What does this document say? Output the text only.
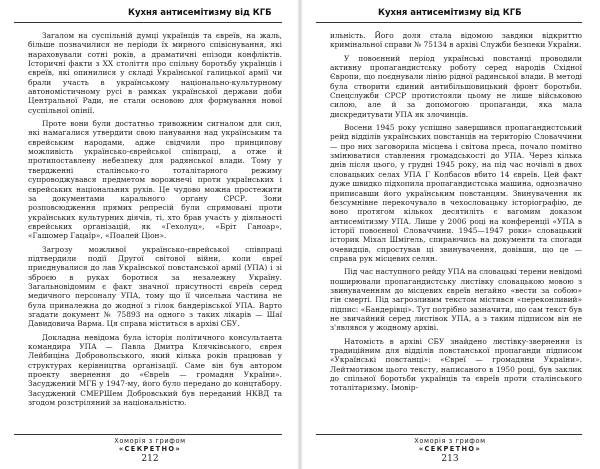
Кухня антисемітизму від КГБ

Загалом на суспільній думці українців та євреїв, на жаль, більше позначилися не періоди їх мирного співіснування, які нараховували сотні років, а драматичні епізоди конфліктів. Історичні факти з XX століття про спільну боротьбу українців і євреїв, які опинилися у складі Української галицької армії чи брали участь в українському національно-культурному автономістичному русі в рамках української держави доби Центральної Ради, не стали основою для формування нової суспільної опінії.

Проте вони були достатньо тривожним сигналом для сил, які намагалися утвердити свою панування над українським та єврейським народами, адже свідчили про принципову можливість українсько-єврейської співпраці, а отже й протипоставлену небезпеку для радянської влади. Тому у твердженні сталінсько-го тоталітарного режиму супроводжувався предметом ворожнечі проти українських і єврейських національних рухів. Це чудово можна простежити за документами карального органу СРСР. Зони розповсюдження прямих репресій були спрямовані проти українських культурних діячів, ті, хто брав участь у діяльності єврейських організацій, як «Гехолуц», «Бріт Ганоар», «Гашомер Гацаїр», «Поалей Ціон».

Загрозу можливої українсько-єврейської співпраці підтвердили події Другої світової війни, коли євреї приєднувалися до лав Української повстанської армії (УПА) і зі зброєю в руках боротися за незалежну Україну. Загальновідомим є факт значної присутності євреїв серед медичного персоналу УПА, тому що її чисельна частина не була приналежна до жодної з гілок бандерівської УПА. Варто згадати документ № 75893 на одного з таких лікарів — Шаї Давидовича Варма. Ця справа міститься в архіві СБУ.

Докладна невідома була історія політичного консультанта командира УПА — Павла Дмитра Клячківського, єврея Лейбиціна Добровольського, який кілька років працював у структурах керівництва організації. Саме він був автором проекту звернення до «Євреїв — громадян України». Засуджений МГБ у 1947-му, його було передано до концтабору. Засуджений СМЕРШем Добровський був переданий НКВД та згодом розстріляний за національністю.

Хоморія з грифом
«СЕКРЕТНО»
212
Кухня антисемітизму від КГБ

ильність. Його доля стала відомою завдяки відкриттю кримінальної справи № 75134 в архіві Служби безпеки України.

У повоєнний період українські повстанці проводили активну пропагандистську роботу серед народів Східної Європи, що поєднували лінію рідної радянської влади. В методі була створити єдиний антибільшовицький фронт боротьби. Спецслужби СРСР протистояли цьому не лише військовою силою, але й за допомогою пропаганди, яка мала дискредитувати УПА як злочинців.

Восени 1945 року успішно завершився пропагандистський рейд відділів українських повстанців на територію Словаччини — про них заговорила місцева і світова преса, почало помітно змінюватися ставлення громадськості до УПА. Через кілька днів після цього, у грудні 1945 року, на під час ночівлі в двох словацьких селах УПА Г Колбасов вбито 14 євреїв. Цей факт дуже швидко підхопила пропагандистська машина, однозначно приписавши його українським повстанцям. Звинувачення як безсумнівне перекочувало в чехословацьку історіографію, де воно протягом кількох десятиліть є вагомим доказом антисемітизму УПА. Лише у 2006 році на конференції «УПА в історії повоєнної Словаччини. 1945—1947 роки» словацький історик Міхал Шмігель, спираючись на документи та спогади очевидців, спростував ці звинувачення, довівши, що це — справа рук місцевих селян.

Під час наступного рейду УПА на словацькі терени невідомі поширювали пропагандистську листівку словацькою мовою з звинуваченням до місцевих євреїв негайно «вести за собою» гін смерті. Під загрозливим текстом містився «переконливий» підпис: «Бандерівці». Тут потрібно зазначити, що сам текст був не звичайний серед листівок УПА, а з таким підписом він не з'являвся у жодному архіві.

Натомість в архіві СБУ знайдено листівку-звернення із традиційним для відділів повстанської пропаганди підписом «Українські повстанці»: «Євреї — громадяни України». Лейтмотивом цього тексту, написаного в 1950 році, був заклик до спільної боротьби українців та євреїв проти сталінського тоталітаризму. Імовір-

Хоморія з грифом
«СЕКРЕТНО»
213
